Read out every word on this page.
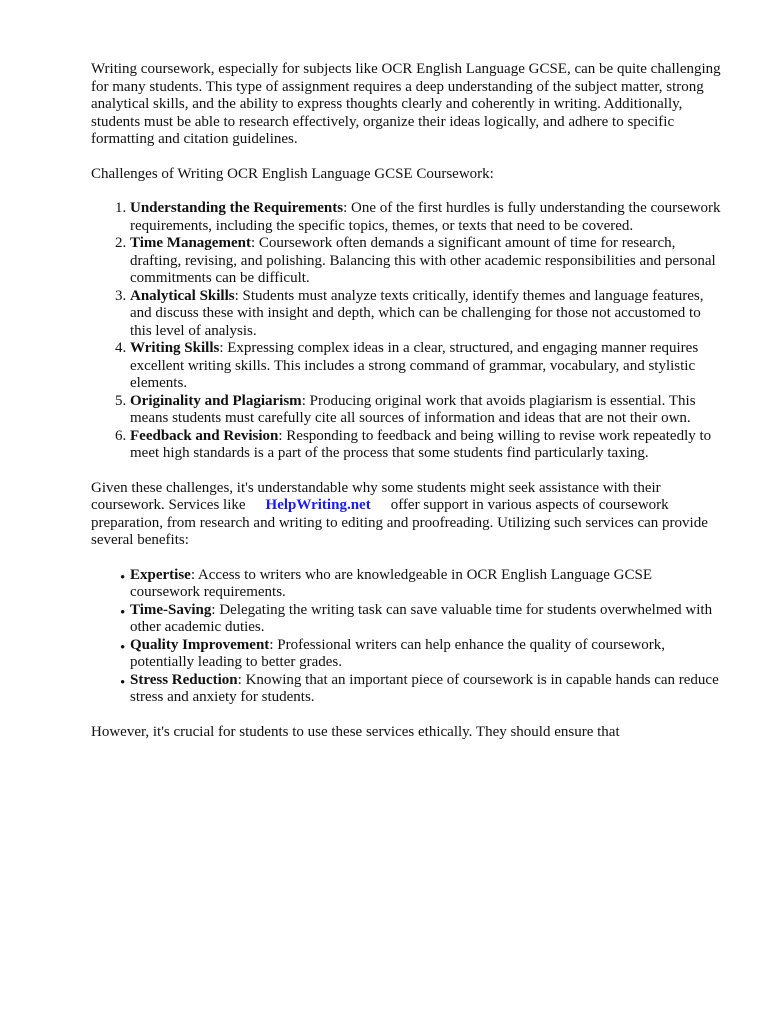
Writing coursework, especially for subjects like OCR English Language GCSE, can be quite challenging for many students. This type of assignment requires a deep understanding of the subject matter, strong analytical skills, and the ability to express thoughts clearly and coherently in writing. Additionally, students must be able to research effectively, organize their ideas logically, and adhere to specific formatting and citation guidelines.

Challenges of Writing OCR English Language GCSE Coursework:

1. Understanding the Requirements: One of the first hurdles is fully understanding the coursework requirements, including the specific topics, themes, or texts that need to be covered.
2. Time Management: Coursework often demands a significant amount of time for research, drafting, revising, and polishing. Balancing this with other academic responsibilities and personal commitments can be difficult.
3. Analytical Skills: Students must analyze texts critically, identify themes and language features, and discuss these with insight and depth, which can be challenging for those not accustomed to this level of analysis.
4. Writing Skills: Expressing complex ideas in a clear, structured, and engaging manner requires excellent writing skills. This includes a strong command of grammar, vocabulary, and stylistic elements.
5. Originality and Plagiarism: Producing original work that avoids plagiarism is essential. This means students must carefully cite all sources of information and ideas that are not their own.
6. Feedback and Revision: Responding to feedback and being willing to revise work repeatedly to meet high standards is a part of the process that some students find particularly taxing.

Given these challenges, it's understandable why some students might seek assistance with their coursework. Services like HelpWriting.net offer support in various aspects of coursework preparation, from research and writing to editing and proofreading. Utilizing such services can provide several benefits:

• Expertise: Access to writers who are knowledgeable in OCR English Language GCSE coursework requirements.
• Time-Saving: Delegating the writing task can save valuable time for students overwhelmed with other academic duties.
• Quality Improvement: Professional writers can help enhance the quality of coursework, potentially leading to better grades.
• Stress Reduction: Knowing that an important piece of coursework is in capable hands can reduce stress and anxiety for students.

However, it's crucial for students to use these services ethically. They should ensure that
